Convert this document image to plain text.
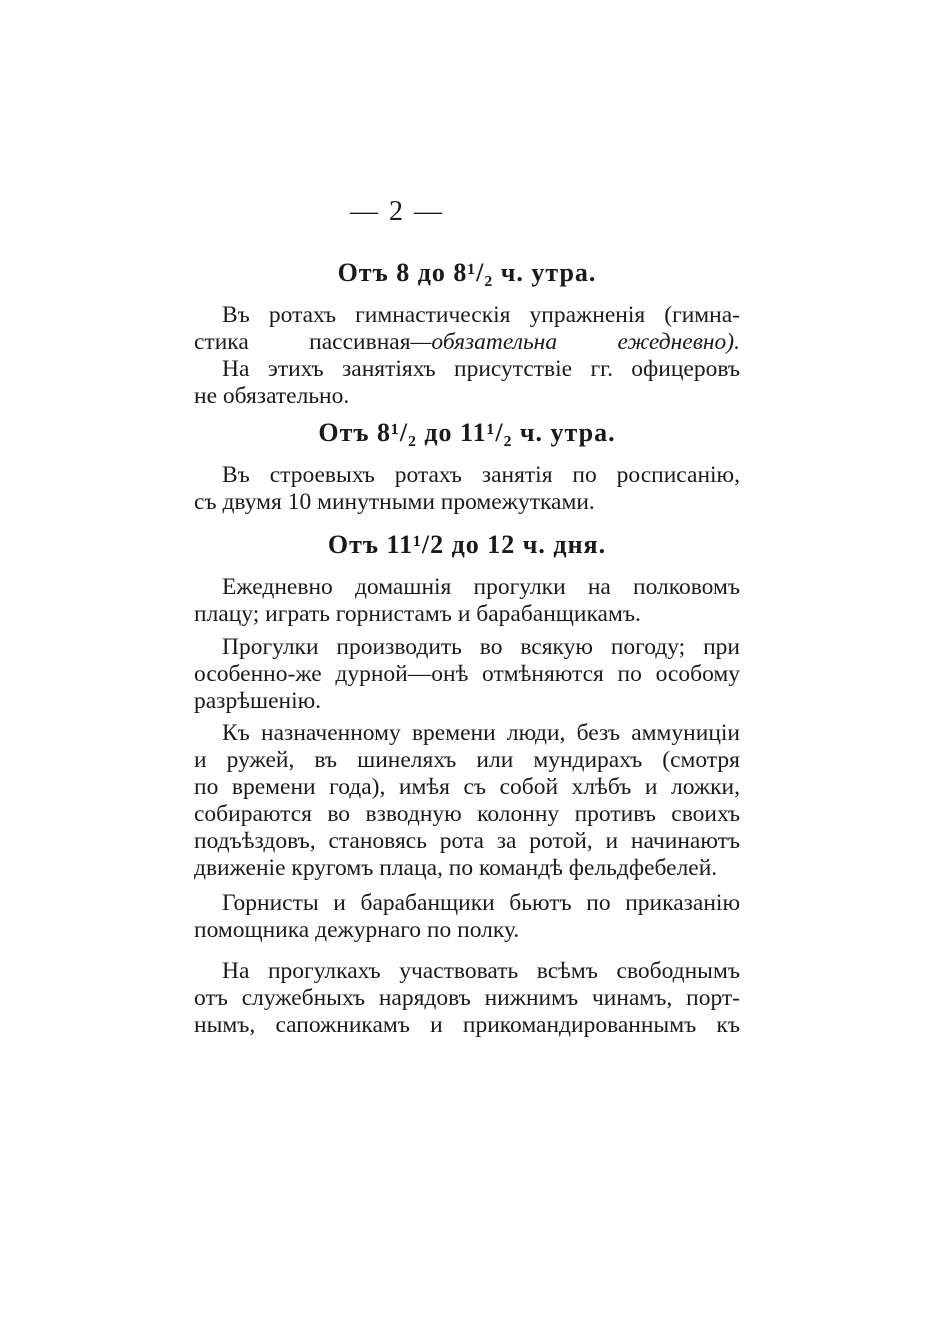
— 2 —
Отъ 8 до 8¹/₂ ч. утра.
Въ ротахъ гимнастическія упражненія (гимна-
стика пассивная—обязательна ежедневно).
На этихъ занятіяхъ присутствіе гг. офицеровъ
не обязательно.
Отъ 8¹/₂ до 11¹/₂ ч. утра.
Въ строевыхъ ротахъ занятія по росписанію,
съ двумя 10 минутными промежутками.
Отъ 11¹/2 до 12 ч. дня.
Ежедневно домашнія прогулки на полковомъ
плацу; играть горнистамъ и барабанщикамъ.
Прогулки производить во всякую погоду; при
особенно-же дурной—онѣ отмѣняются по особому
разрѣшенію.
Къ назначенному времени люди, безъ аммуниціи
и ружей, въ шинеляхъ или мундирахъ (смотря
по времени года), имѣя съ собой хлѣбъ и ложки,
собираются во взводную колонну противъ своихъ
подъѣздовъ, становясь рота за ротой, и начинаютъ
движеніе кругомъ плаца, по командѣ фельдфебелей.
Горнисты и барабанщики бьютъ по приказанію
помощника дежурнаго по полку.
На прогулкахъ участвовать всѣмъ свободнымъ
отъ служебныхъ нарядовъ нижнимъ чинамъ, порт-
нымъ, сапожникамъ и прикомандированнымъ къ
